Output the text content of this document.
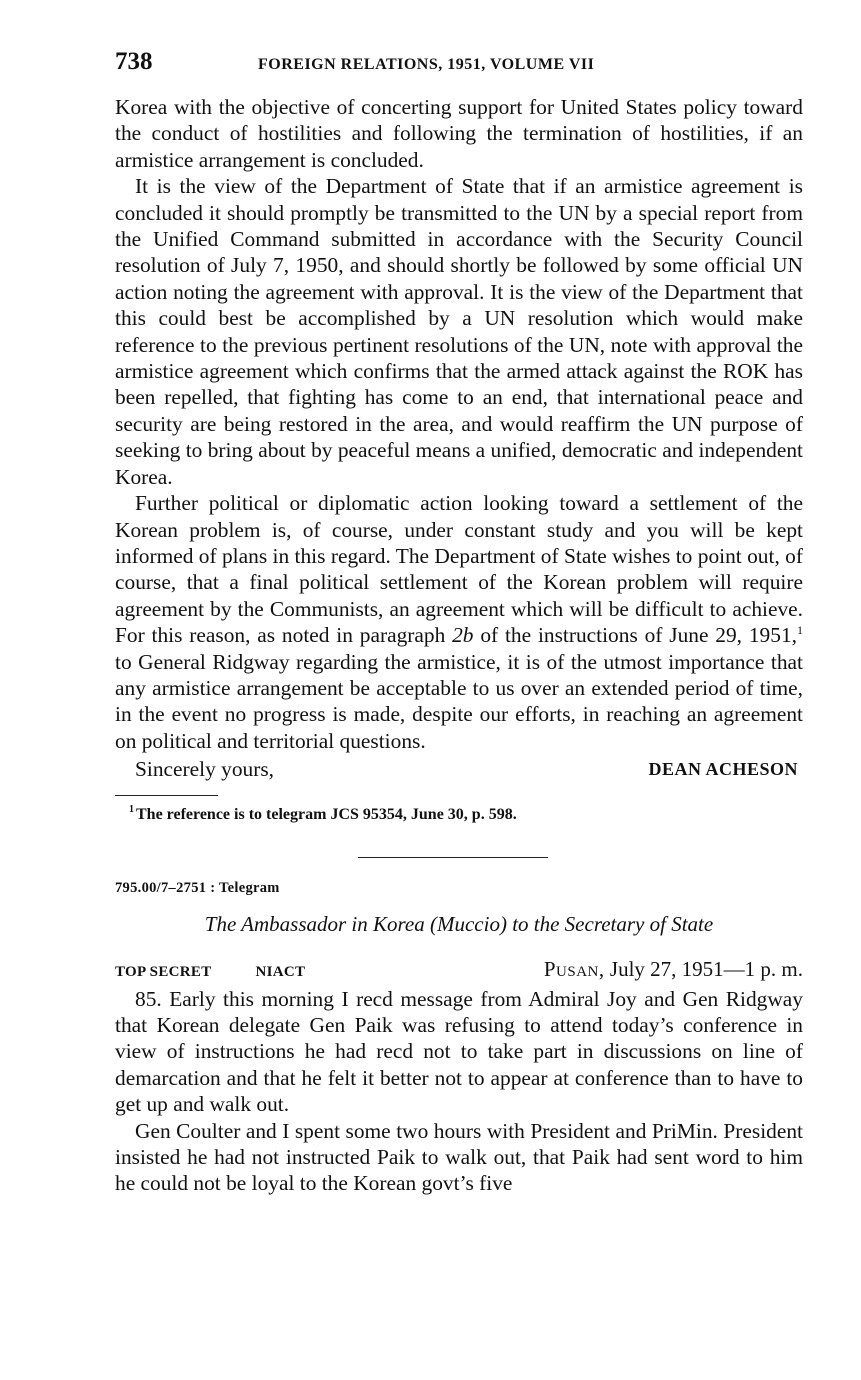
738	FOREIGN RELATIONS, 1951, VOLUME VII

Korea with the objective of concerting support for United States policy toward the conduct of hostilities and following the termination of hostilities, if an armistice arrangement is concluded.

It is the view of the Department of State that if an armistice agreement is concluded it should promptly be transmitted to the UN by a special report from the Unified Command submitted in accordance with the Security Council resolution of July 7, 1950, and should shortly be followed by some official UN action noting the agreement with approval. It is the view of the Department that this could best be accomplished by a UN resolution which would make reference to the previous pertinent resolutions of the UN, note with approval the armistice agreement which confirms that the armed attack against the ROK has been repelled, that fighting has come to an end, that international peace and security are being restored in the area, and would reaffirm the UN purpose of seeking to bring about by peaceful means a unified, democratic and independent Korea.

Further political or diplomatic action looking toward a settlement of the Korean problem is, of course, under constant study and you will be kept informed of plans in this regard. The Department of State wishes to point out, of course, that a final political settlement of the Korean problem will require agreement by the Communists, an agreement which will be difficult to achieve. For this reason, as noted in paragraph 2b of the instructions of June 29, 1951,$^1$ to General Ridgway regarding the armistice, it is of the utmost importance that any armistice arrangement be acceptable to us over an extended period of time, in the event no progress is made, despite our efforts, in reaching an agreement on political and territorial questions.

Sincerely yours,	DEAN ACHESON
$^1$ The reference is to telegram JCS 95354, June 30, p. 598.
795.00/7–2751 : Telegram
The Ambassador in Korea (Muccio) to the Secretary of State
TOP SECRET	NIACT	Pusan, July 27, 1951—1 p. m.

85. Early this morning I recd message from Admiral Joy and Gen Ridgway that Korean delegate Gen Paik was refusing to attend today’s conference in view of instructions he had recd not to take part in discussions on line of demarcation and that he felt it better not to appear at conference than to have to get up and walk out.

Gen Coulter and I spent some two hours with President and PriMin. President insisted he had not instructed Paik to walk out, that Paik had sent word to him he could not be loyal to the Korean govt’s five
